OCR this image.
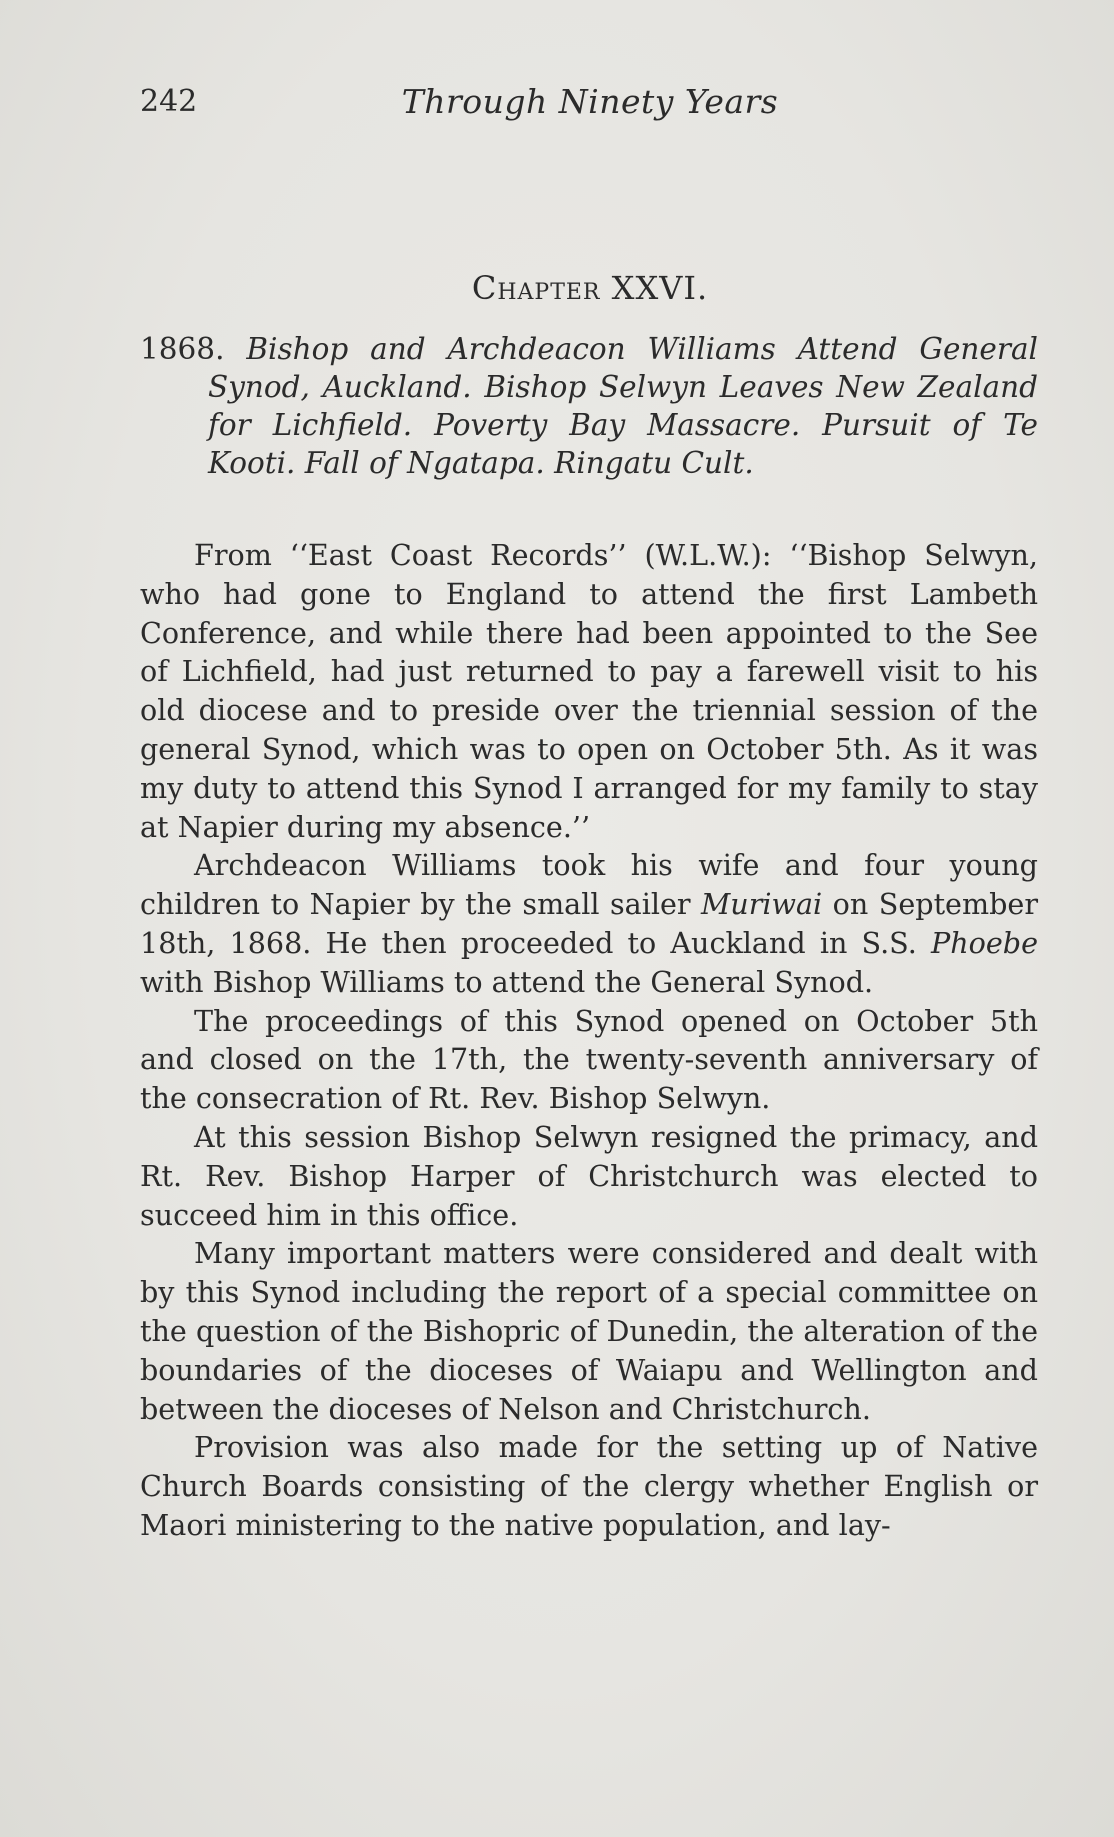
242	Through Ninety Years
Chapter XXVI.
1868. Bishop and Archdeacon Williams Attend General Synod, Auckland. Bishop Selwyn Leaves New Zealand for Lichfield. Poverty Bay Massacre. Pursuit of Te Kooti. Fall of Ngatapa. Ringatu Cult.

From ‘‘East Coast Records’’ (W.L.W.): ‘‘Bishop Selwyn, who had gone to England to attend the first Lambeth Conference, and while there had been appointed to the See of Lichfield, had just returned to pay a farewell visit to his old diocese and to preside over the triennial session of the general Synod, which was to open on October 5th. As it was my duty to attend this Synod I arranged for my family to stay at Napier during my absence.’’

Archdeacon Williams took his wife and four young children to Napier by the small sailer Muriwai on September 18th, 1868. He then proceeded to Auckland in S.S. Phoebe with Bishop Williams to attend the General Synod.

The proceedings of this Synod opened on October 5th and closed on the 17th, the twenty-seventh anniversary of the consecration of Rt. Rev. Bishop Selwyn.

At this session Bishop Selwyn resigned the primacy, and Rt. Rev. Bishop Harper of Christchurch was elected to succeed him in this office.

Many important matters were considered and dealt with by this Synod including the report of a special committee on the question of the Bishopric of Dunedin, the alteration of the boundaries of the dioceses of Waiapu and Wellington and between the dioceses of Nelson and Christchurch.

Provision was also made for the setting up of Native Church Boards consisting of the clergy whether English or Maori ministering to the native population, and lay-
